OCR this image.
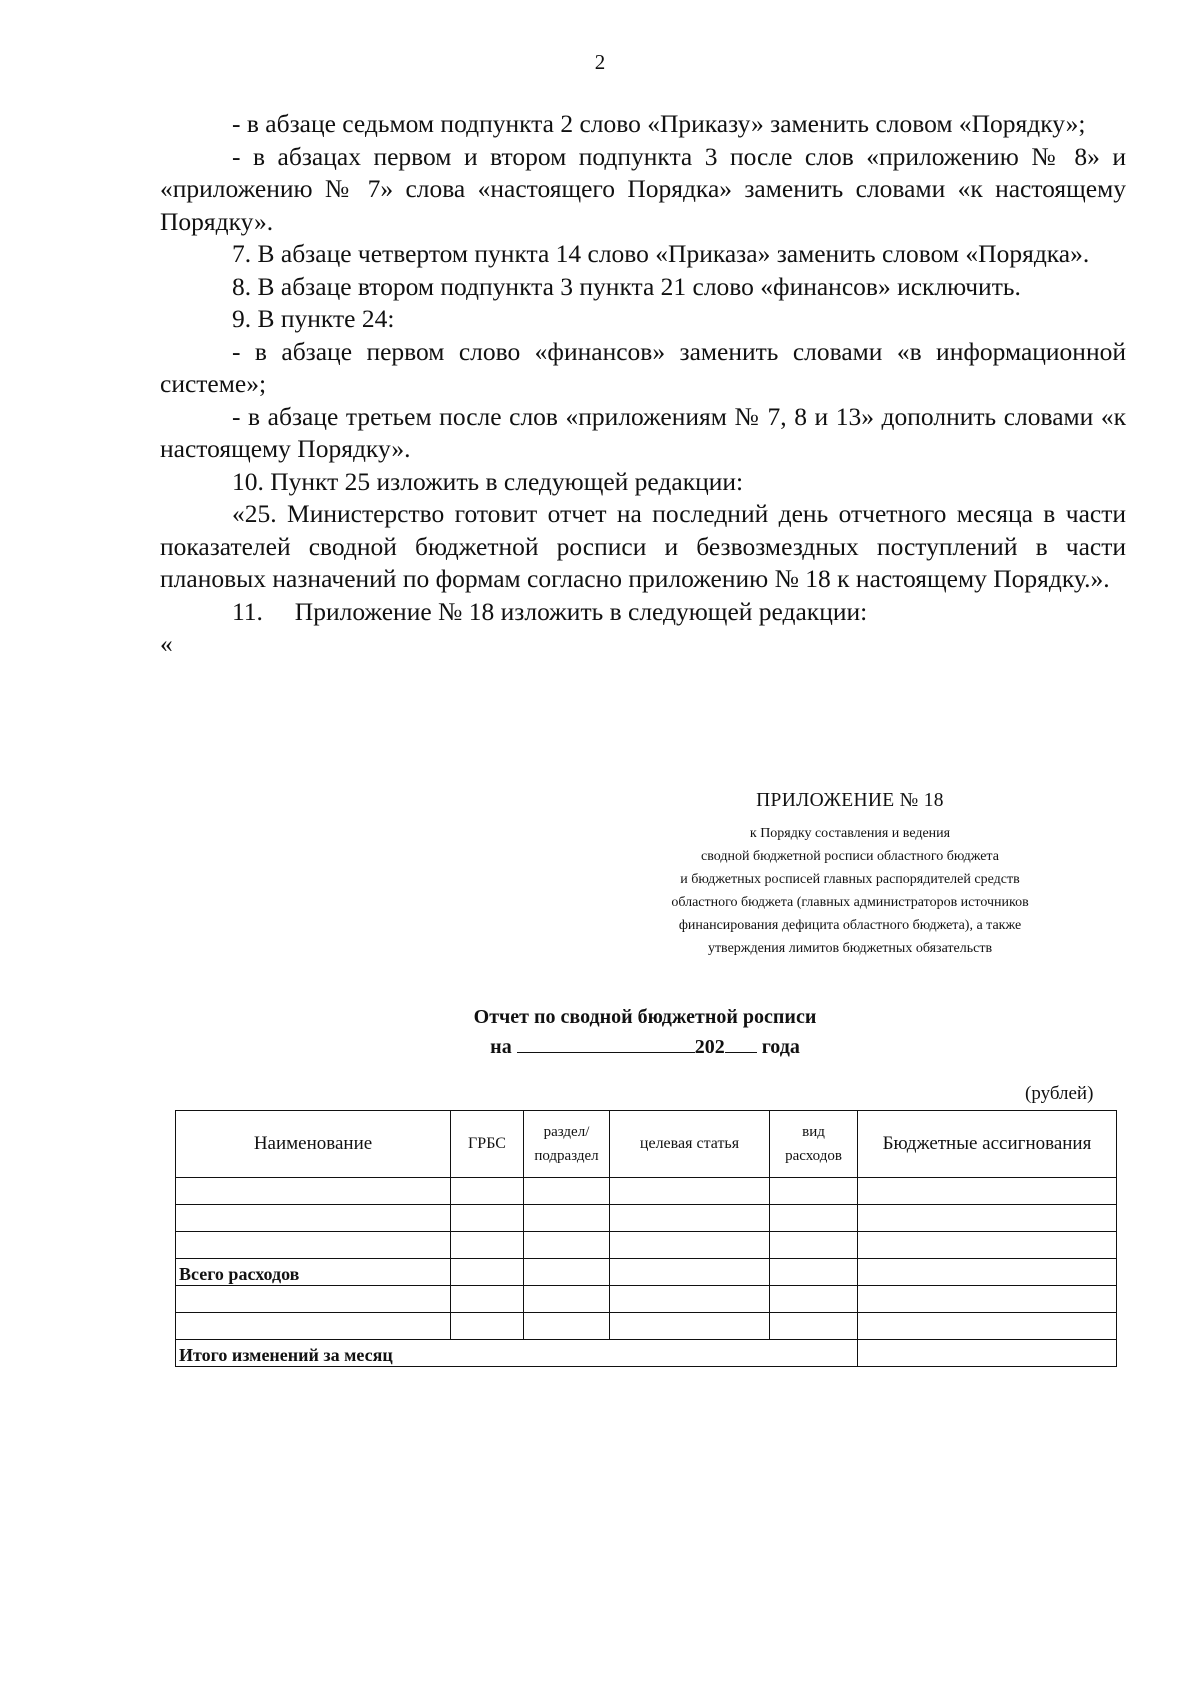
2

- в абзаце седьмом подпункта 2 слово «Приказу» заменить словом «Порядку»;

- в абзацах первом и втором подпункта 3 после слов «приложению № 8» и «приложению № 7» слова «настоящего Порядка» заменить словами «к настоящему Порядку».

7. В абзаце четвертом пункта 14 слово «Приказа» заменить словом «Порядка».

8. В абзаце втором подпункта 3 пункта 21 слово «финансов» исключить.

9. В пункте 24:

- в абзаце первом слово «финансов» заменить словами «в информационной системе»;

- в абзаце третьем после слов «приложениям № 7, 8 и 13» дополнить словами «к настоящему Порядку».

10. Пункт 25 изложить в следующей редакции:

«25. Министерство готовит отчет на последний день отчетного месяца в части показателей сводной бюджетной росписи и безвозмездных поступлений в части плановых назначений по формам согласно приложению № 18 к настоящему Порядку.».

11.     Приложение № 18 изложить в следующей редакции:

«

ПРИЛОЖЕНИЕ № 18
к Порядку составления и ведения
сводной бюджетной росписи областного бюджета
и бюджетных росписей главных распорядителей средств
областного бюджета (главных администраторов источников
финансирования дефицита областного бюджета), а также
утверждения лимитов бюджетных обязательств
Отчет по сводной бюджетной росписи
на	202 года
(рублей)
Наименование	ГРБС	раздел/ подраздел	целевая статья	вид расходов	Бюджетные ассигнования

Всего расходов					

Итого изменений за месяц					
